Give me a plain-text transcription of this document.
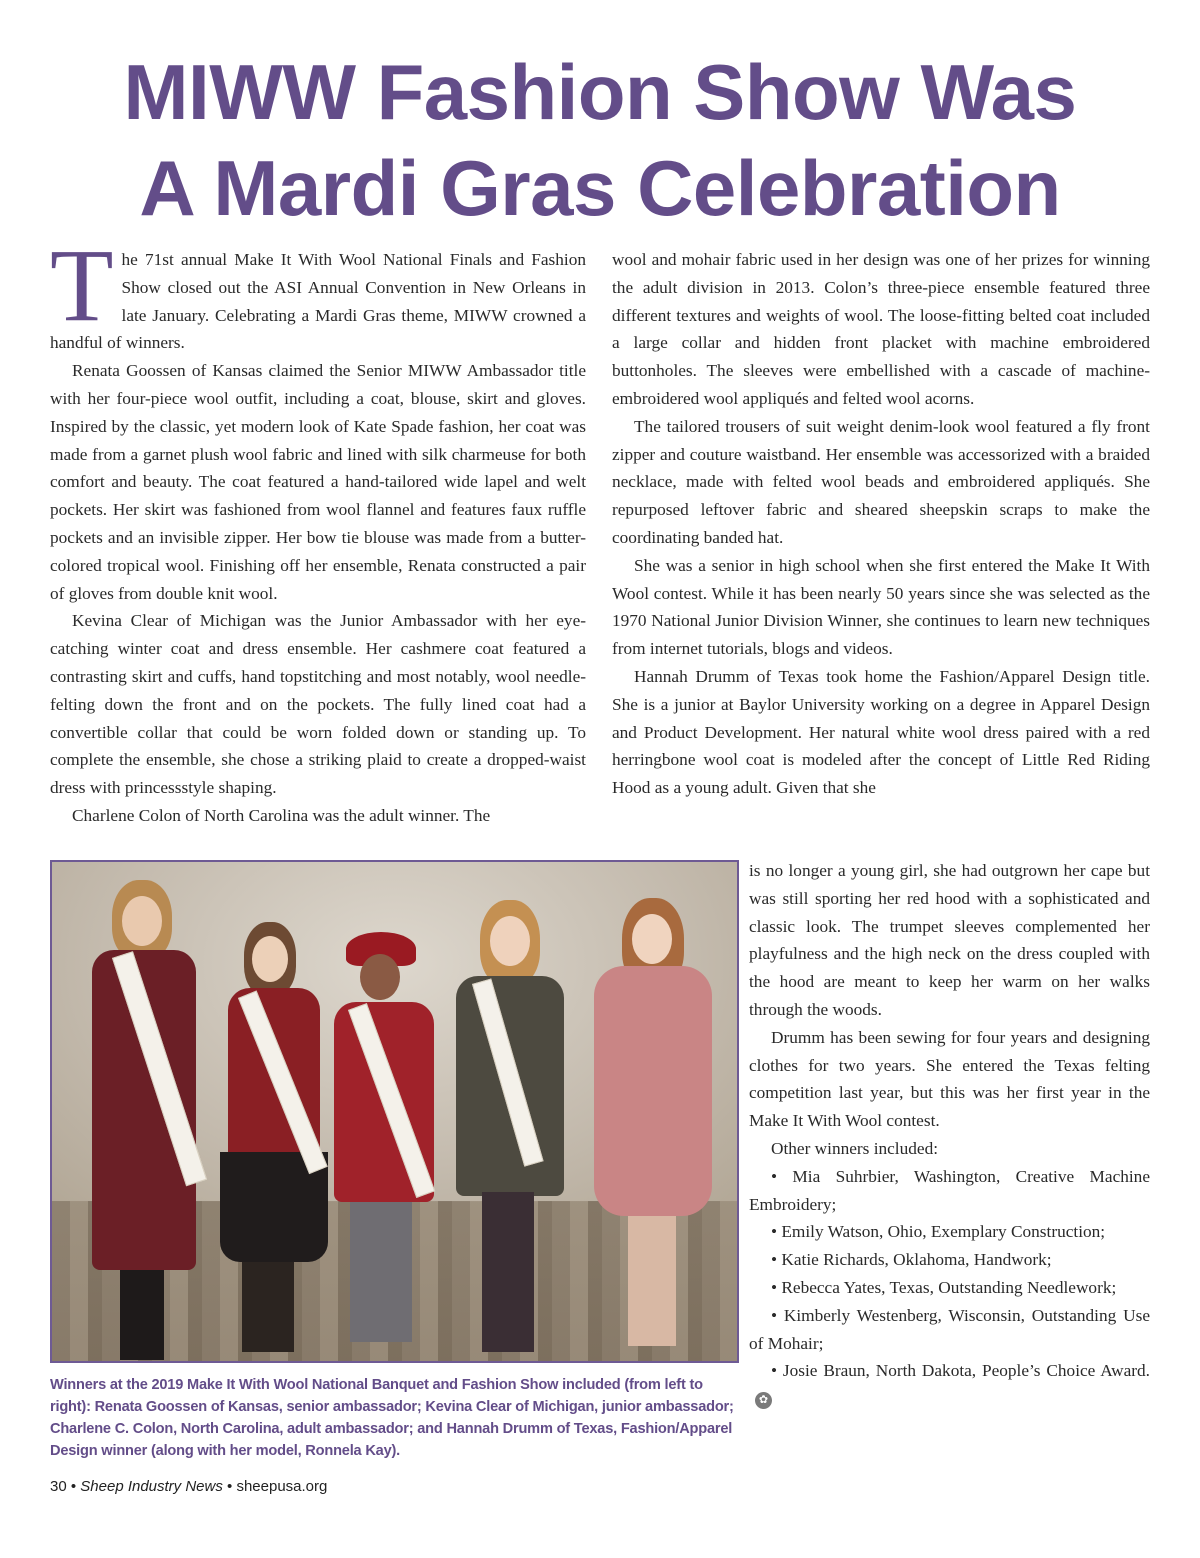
MIWW Fashion Show Was
A Mardi Gras Celebration

The 71st annual Make It With Wool National Finals and Fashion Show closed out the ASI Annual Convention in New Orleans in late January. Celebrating a Mardi Gras theme, MIWW crowned a handful of winners.

Renata Goossen of Kansas claimed the Senior MIWW Ambassador title with her four-piece wool outfit, including a coat, blouse, skirt and gloves. Inspired by the classic, yet modern look of Kate Spade fashion, her coat was made from a garnet plush wool fabric and lined with silk charmeuse for both comfort and beauty. The coat featured a hand-tailored wide lapel and welt pockets. Her skirt was fashioned from wool flannel and features faux ruffle pockets and an invisible zipper. Her bow tie blouse was made from a butter-colored tropical wool. Finishing off her ensemble, Renata constructed a pair of gloves from double knit wool.

Kevina Clear of Michigan was the Junior Ambassador with her eye-catching winter coat and dress ensemble. Her cashmere coat featured a contrasting skirt and cuffs, hand topstitching and most notably, wool needle-felting down the front and on the pockets. The fully lined coat had a convertible collar that could be worn folded down or standing up. To complete the ensemble, she chose a striking plaid to create a dropped-waist dress with princessstyle shaping.

Charlene Colon of North Carolina was the adult winner. The

wool and mohair fabric used in her design was one of her prizes for winning the adult division in 2013. Colon’s three-piece ensemble featured three different textures and weights of wool. The loose-fitting belted coat included a large collar and hidden front placket with machine embroidered buttonholes. The sleeves were embellished with a cascade of machine-embroidered wool appliqués and felted wool acorns.

The tailored trousers of suit weight denim-look wool featured a fly front zipper and couture waistband. Her ensemble was accessorized with a braided necklace, made with felted wool beads and embroidered appliqués. She repurposed leftover fabric and sheared sheepskin scraps to make the coordinating banded hat.

She was a senior in high school when she first entered the Make It With Wool contest. While it has been nearly 50 years since she was selected as the 1970 National Junior Division Winner, she continues to learn new techniques from internet tutorials, blogs and videos.

Hannah Drumm of Texas took home the Fashion/Apparel Design title. She is a junior at Baylor University working on a degree in Apparel Design and Product Development. Her natural white wool dress paired with a red herringbone wool coat is modeled after the concept of Little Red Riding Hood as a young adult. Given that she

is no longer a young girl, she had outgrown her cape but was still sporting her red hood with a sophisticated and classic look. The trumpet sleeves complemented her playfulness and the high neck on the dress coupled with the hood are meant to keep her warm on her walks through the woods.

Drumm has been sewing for four years and designing clothes for two years. She entered the Texas felting competition last year, but this was her first year in the Make It With Wool contest.

Other winners included:

• Mia Suhrbier, Washington, Creative Machine Embroidery;
• Emily Watson, Ohio, Exemplary Construction;
• Katie Richards, Oklahoma, Handwork;
• Rebecca Yates, Texas, Outstanding Needlework;
• Kimberly Westenberg, Wisconsin, Outstanding Use of Mohair;
• Josie Braun, North Dakota, People’s Choice Award.✿
Winners at the 2019 Make It With Wool National Banquet and Fashion Show included (from left to right): Renata Goossen of Kansas, senior ambassador; Kevina Clear of Michigan, junior ambassador; Charlene C. Colon, North Carolina, adult ambassador; and Hannah Drumm of Texas, Fashion/Apparel Design winner (along with her model, Ronnela Kay).
30 • Sheep Industry News • sheepusa.org
